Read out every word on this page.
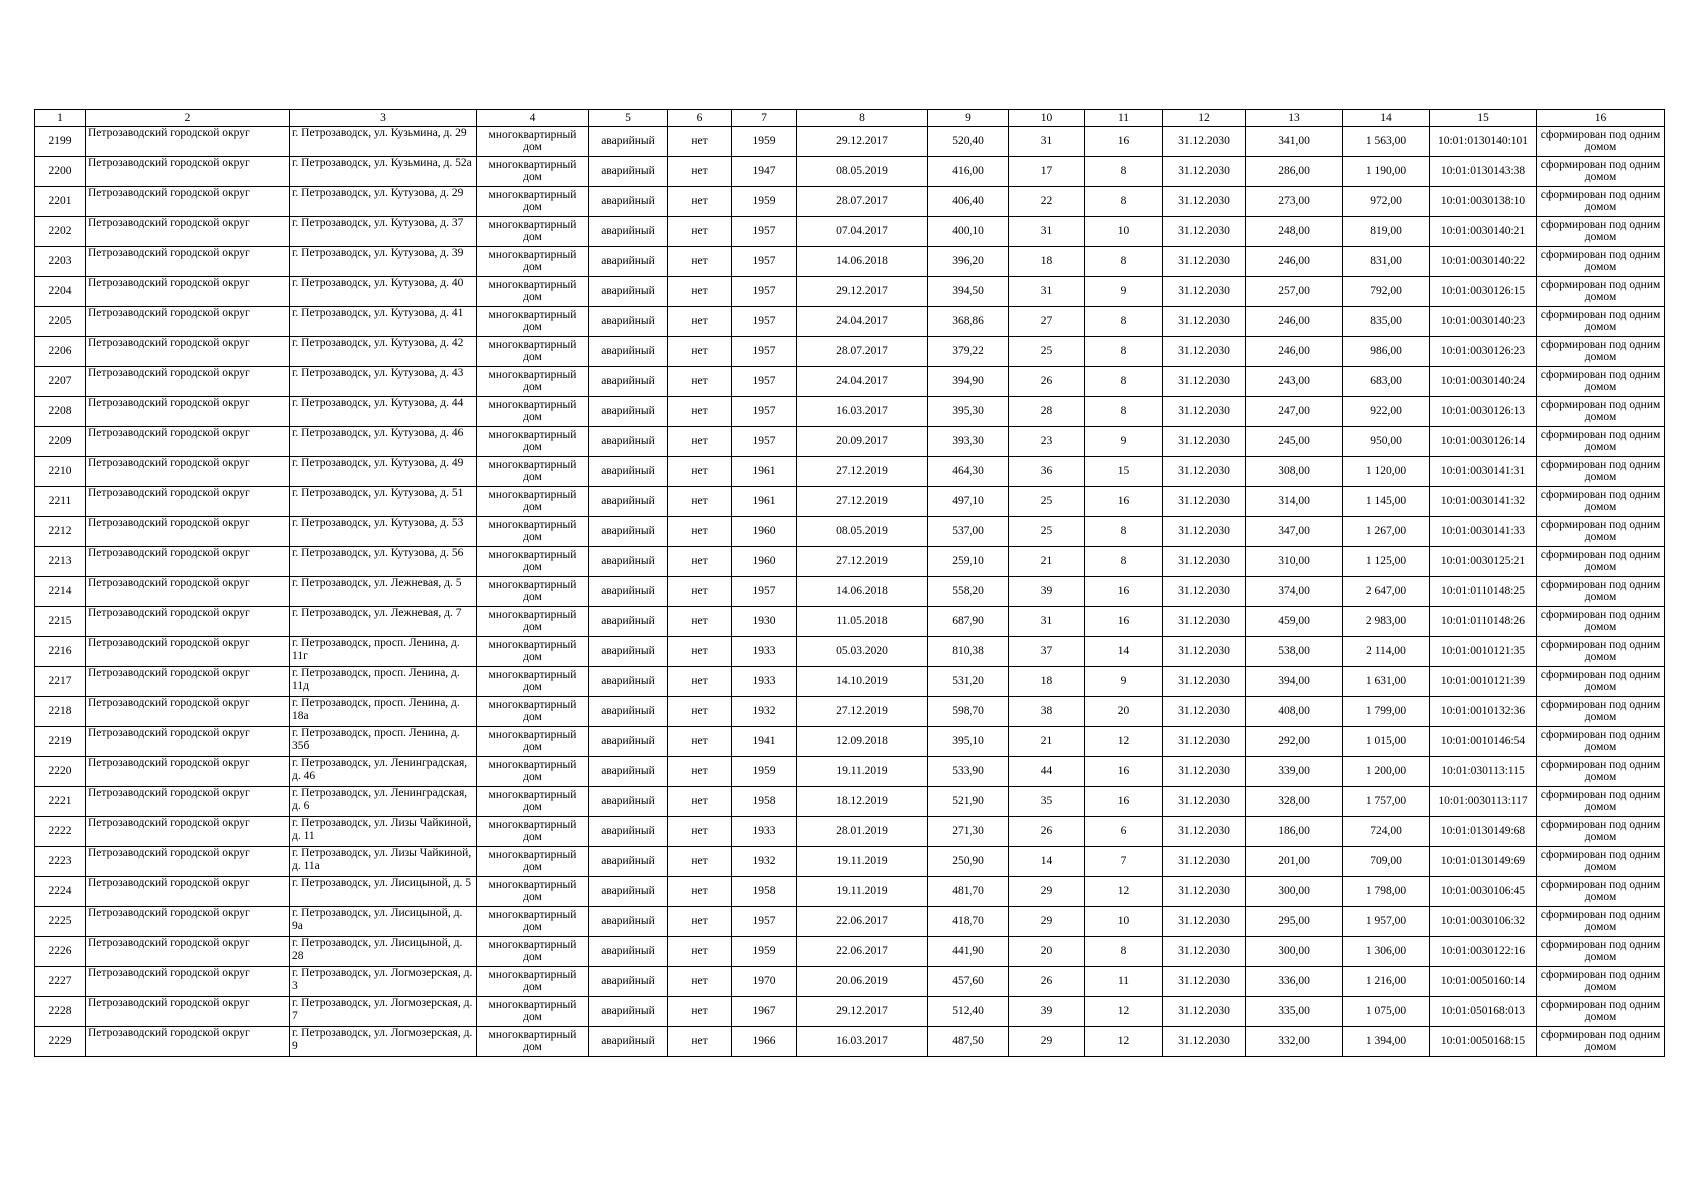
1	2	3	4	5	6	7	8	9	10	11	12	13	14	15	16
2199	Петрозаводский городской округ	г. Петрозаводск, ул. Кузьмина, д. 29	многоквартирный дом	аварийный	нет	1959	29.12.2017	520,40	31	16	31.12.2030	341,00	1 563,00	10:01:0130140:101	сформирован под одним домом
2200	Петрозаводский городской округ	г. Петрозаводск, ул. Кузьмина, д. 52а	многоквартирный дом	аварийный	нет	1947	08.05.2019	416,00	17	8	31.12.2030	286,00	1 190,00	10:01:0130143:38	сформирован под одним домом
2201	Петрозаводский городской округ	г. Петрозаводск, ул. Кутузова, д. 29	многоквартирный дом	аварийный	нет	1959	28.07.2017	406,40	22	8	31.12.2030	273,00	972,00	10:01:0030138:10	сформирован под одним домом
2202	Петрозаводский городской округ	г. Петрозаводск, ул. Кутузова, д. 37	многоквартирный дом	аварийный	нет	1957	07.04.2017	400,10	31	10	31.12.2030	248,00	819,00	10:01:0030140:21	сформирован под одним домом
2203	Петрозаводский городской округ	г. Петрозаводск, ул. Кутузова, д. 39	многоквартирный дом	аварийный	нет	1957	14.06.2018	396,20	18	8	31.12.2030	246,00	831,00	10:01:0030140:22	сформирован под одним домом
2204	Петрозаводский городской округ	г. Петрозаводск, ул. Кутузова, д. 40	многоквартирный дом	аварийный	нет	1957	29.12.2017	394,50	31	9	31.12.2030	257,00	792,00	10:01:0030126:15	сформирован под одним домом
2205	Петрозаводский городской округ	г. Петрозаводск, ул. Кутузова, д. 41	многоквартирный дом	аварийный	нет	1957	24.04.2017	368,86	27	8	31.12.2030	246,00	835,00	10:01:0030140:23	сформирован под одним домом
2206	Петрозаводский городской округ	г. Петрозаводск, ул. Кутузова, д. 42	многоквартирный дом	аварийный	нет	1957	28.07.2017	379,22	25	8	31.12.2030	246,00	986,00	10:01:0030126:23	сформирован под одним домом
2207	Петрозаводский городской округ	г. Петрозаводск, ул. Кутузова, д. 43	многоквартирный дом	аварийный	нет	1957	24.04.2017	394,90	26	8	31.12.2030	243,00	683,00	10:01:0030140:24	сформирован под одним домом
2208	Петрозаводский городской округ	г. Петрозаводск, ул. Кутузова, д. 44	многоквартирный дом	аварийный	нет	1957	16.03.2017	395,30	28	8	31.12.2030	247,00	922,00	10:01:0030126:13	сформирован под одним домом
2209	Петрозаводский городской округ	г. Петрозаводск, ул. Кутузова, д. 46	многоквартирный дом	аварийный	нет	1957	20.09.2017	393,30	23	9	31.12.2030	245,00	950,00	10:01:0030126:14	сформирован под одним домом
2210	Петрозаводский городской округ	г. Петрозаводск, ул. Кутузова, д. 49	многоквартирный дом	аварийный	нет	1961	27.12.2019	464,30	36	15	31.12.2030	308,00	1 120,00	10:01:0030141:31	сформирован под одним домом
2211	Петрозаводский городской округ	г. Петрозаводск, ул. Кутузова, д. 51	многоквартирный дом	аварийный	нет	1961	27.12.2019	497,10	25	16	31.12.2030	314,00	1 145,00	10:01:0030141:32	сформирован под одним домом
2212	Петрозаводский городской округ	г. Петрозаводск, ул. Кутузова, д. 53	многоквартирный дом	аварийный	нет	1960	08.05.2019	537,00	25	8	31.12.2030	347,00	1 267,00	10:01:0030141:33	сформирован под одним домом
2213	Петрозаводский городской округ	г. Петрозаводск, ул. Кутузова, д. 56	многоквартирный дом	аварийный	нет	1960	27.12.2019	259,10	21	8	31.12.2030	310,00	1 125,00	10:01:0030125:21	сформирован под одним домом
2214	Петрозаводский городской округ	г. Петрозаводск, ул. Лежневая, д. 5	многоквартирный дом	аварийный	нет	1957	14.06.2018	558,20	39	16	31.12.2030	374,00	2 647,00	10:01:0110148:25	сформирован под одним домом
2215	Петрозаводский городской округ	г. Петрозаводск, ул. Лежневая, д. 7	многоквартирный дом	аварийный	нет	1930	11.05.2018	687,90	31	16	31.12.2030	459,00	2 983,00	10:01:0110148:26	сформирован под одним домом
2216	Петрозаводский городской округ	г. Петрозаводск, просп. Ленина, д. 11г	многоквартирный дом	аварийный	нет	1933	05.03.2020	810,38	37	14	31.12.2030	538,00	2 114,00	10:01:0010121:35	сформирован под одним домом
2217	Петрозаводский городской округ	г. Петрозаводск, просп. Ленина, д. 11д	многоквартирный дом	аварийный	нет	1933	14.10.2019	531,20	18	9	31.12.2030	394,00	1 631,00	10:01:0010121:39	сформирован под одним домом
2218	Петрозаводский городской округ	г. Петрозаводск, просп. Ленина, д. 18а	многоквартирный дом	аварийный	нет	1932	27.12.2019	598,70	38	20	31.12.2030	408,00	1 799,00	10:01:0010132:36	сформирован под одним домом
2219	Петрозаводский городской округ	г. Петрозаводск, просп. Ленина, д. 35б	многоквартирный дом	аварийный	нет	1941	12.09.2018	395,10	21	12	31.12.2030	292,00	1 015,00	10:01:0010146:54	сформирован под одним домом
2220	Петрозаводский городской округ	г. Петрозаводск, ул. Ленинградская, д. 46	многоквартирный дом	аварийный	нет	1959	19.11.2019	533,90	44	16	31.12.2030	339,00	1 200,00	10:01:030113:115	сформирован под одним домом
2221	Петрозаводский городской округ	г. Петрозаводск, ул. Ленинградская, д. 6	многоквартирный дом	аварийный	нет	1958	18.12.2019	521,90	35	16	31.12.2030	328,00	1 757,00	10:01:0030113:117	сформирован под одним домом
2222	Петрозаводский городской округ	г. Петрозаводск, ул. Лизы Чайкиной, д. 11	многоквартирный дом	аварийный	нет	1933	28.01.2019	271,30	26	6	31.12.2030	186,00	724,00	10:01:0130149:68	сформирован под одним домом
2223	Петрозаводский городской округ	г. Петрозаводск, ул. Лизы Чайкиной, д. 11а	многоквартирный дом	аварийный	нет	1932	19.11.2019	250,90	14	7	31.12.2030	201,00	709,00	10:01:0130149:69	сформирован под одним домом
2224	Петрозаводский городской округ	г. Петрозаводск, ул. Лисицыной, д. 5	многоквартирный дом	аварийный	нет	1958	19.11.2019	481,70	29	12	31.12.2030	300,00	1 798,00	10:01:0030106:45	сформирован под одним домом
2225	Петрозаводский городской округ	г. Петрозаводск, ул. Лисицыной, д. 9а	многоквартирный дом	аварийный	нет	1957	22.06.2017	418,70	29	10	31.12.2030	295,00	1 957,00	10:01:0030106:32	сформирован под одним домом
2226	Петрозаводский городской округ	г. Петрозаводск, ул. Лисицыной, д. 28	многоквартирный дом	аварийный	нет	1959	22.06.2017	441,90	20	8	31.12.2030	300,00	1 306,00	10:01:0030122:16	сформирован под одним домом
2227	Петрозаводский городской округ	г. Петрозаводск, ул. Логмозерская, д. 3	многоквартирный дом	аварийный	нет	1970	20.06.2019	457,60	26	11	31.12.2030	336,00	1 216,00	10:01:0050160:14	сформирован под одним домом
2228	Петрозаводский городской округ	г. Петрозаводск, ул. Логмозерская, д. 7	многоквартирный дом	аварийный	нет	1967	29.12.2017	512,40	39	12	31.12.2030	335,00	1 075,00	10:01:050168:013	сформирован под одним домом
2229	Петрозаводский городской округ	г. Петрозаводск, ул. Логмозерская, д. 9	многоквартирный дом	аварийный	нет	1966	16.03.2017	487,50	29	12	31.12.2030	332,00	1 394,00	10:01:0050168:15	сформирован под одним домом
